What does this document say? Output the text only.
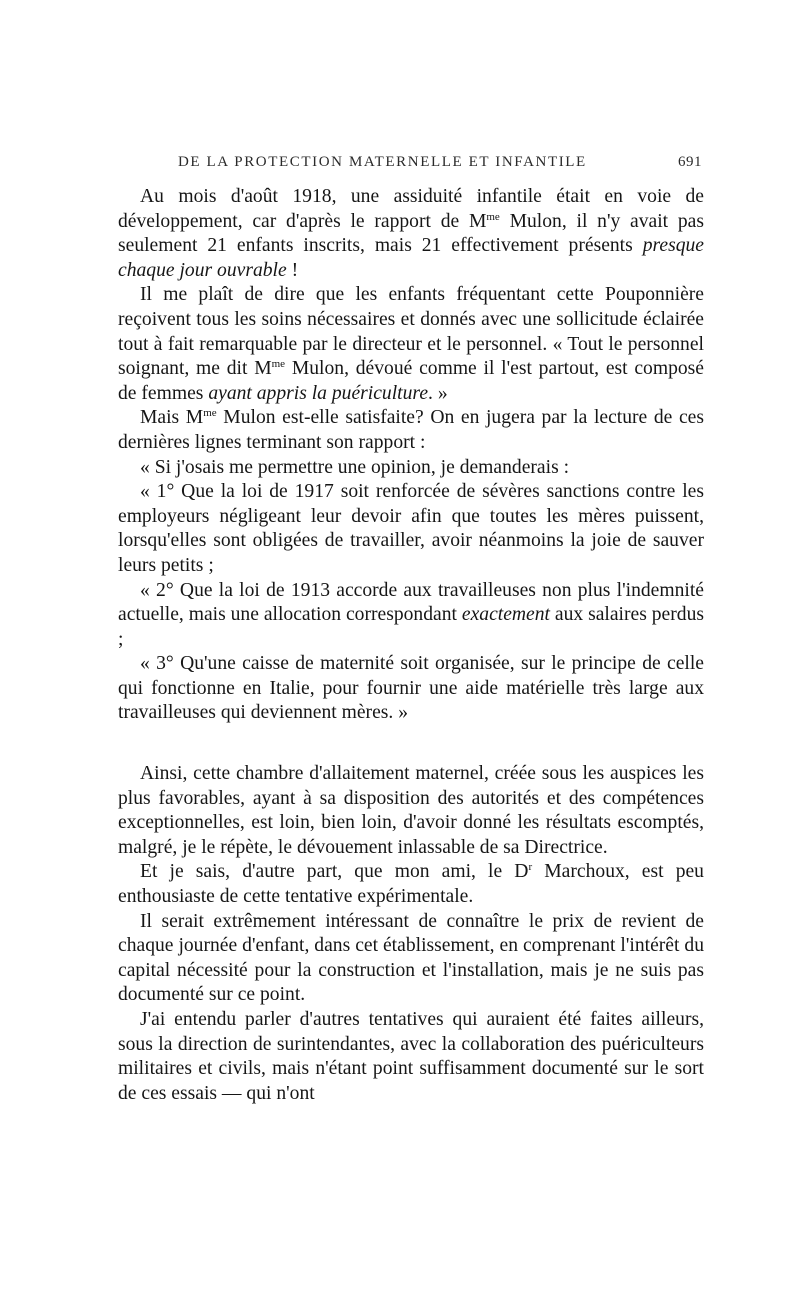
DE LA PROTECTION MATERNELLE ET INFANTILE	691

Au mois d'août 1918, une assiduité infantile était en voie de développement, car d'après le rapport de $M^{me}$ Mulon, il n'y avait pas seulement 21 enfants inscrits, mais 21 effectivement présents presque chaque jour ouvrable !

Il me plaît de dire que les enfants fréquentant cette Pouponnière reçoivent tous les soins nécessaires et donnés avec une sollicitude éclairée tout à fait remarquable par le directeur et le personnel. « Tout le personnel soignant, me dit $M^{me}$ Mulon, dévoué comme il l'est partout, est composé de femmes ayant appris la puériculture. »

Mais $M^{me}$ Mulon est-elle satisfaite? On en jugera par la lecture de ces dernières lignes terminant son rapport :

« Si j'osais me permettre une opinion, je demanderais :

« 1° Que la loi de 1917 soit renforcée de sévères sanctions contre les employeurs négligeant leur devoir afin que toutes les mères puissent, lorsqu'elles sont obligées de travailler, avoir néanmoins la joie de sauver leurs petits ;

« 2° Que la loi de 1913 accorde aux travailleuses non plus l'indemnité actuelle, mais une allocation correspondant exactement aux salaires perdus ;

« 3° Qu'une caisse de maternité soit organisée, sur le principe de celle qui fonctionne en Italie, pour fournir une aide matérielle très large aux travailleuses qui deviennent mères. »

Ainsi, cette chambre d'allaitement maternel, créée sous les auspices les plus favorables, ayant à sa disposition des autorités et des compétences exceptionnelles, est loin, bien loin, d'avoir donné les résultats escomptés, malgré, je le répète, le dévouement inlassable de sa Directrice.

Et je sais, d'autre part, que mon ami, le $D^r$ Marchoux, est peu enthousiaste de cette tentative expérimentale.

Il serait extrêmement intéressant de connaître le prix de revient de chaque journée d'enfant, dans cet établissement, en comprenant l'intérêt du capital nécessité pour la construction et l'installation, mais je ne suis pas documenté sur ce point.

J'ai entendu parler d'autres tentatives qui auraient été faites ailleurs, sous la direction de surintendantes, avec la collaboration des puériculteurs militaires et civils, mais n'étant point suffisamment documenté sur le sort de ces essais — qui n'ont
